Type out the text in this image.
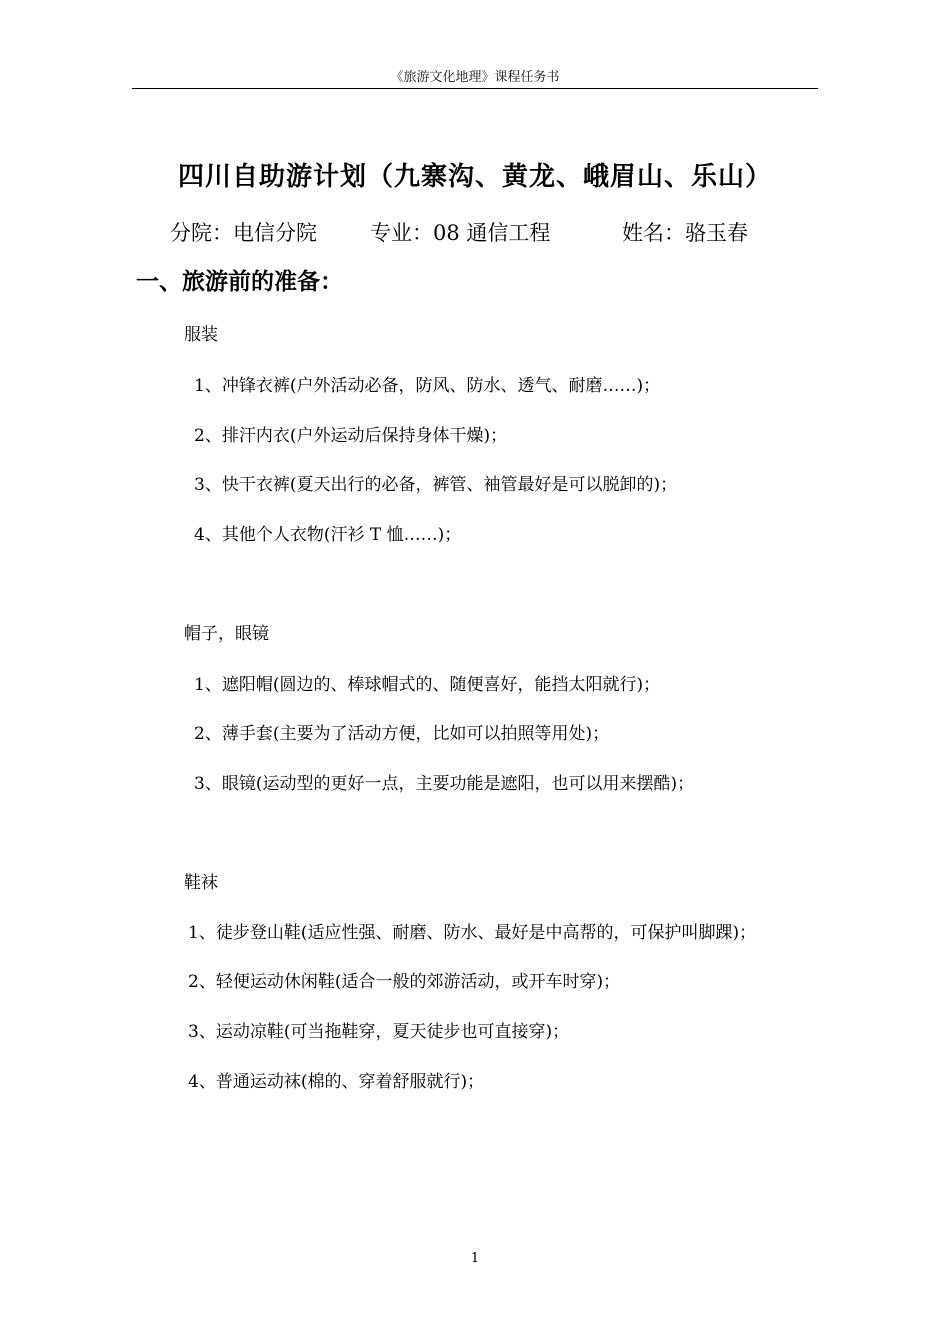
《旅游文化地理》课程任务书
四川自助游计划（九寨沟、黄龙、峨眉山、乐山）
分院：电信分院	专业：08 通信工程	姓名：骆玉春
一、旅游前的准备：
服装
1、冲锋衣裤(户外活动必备，防风、防水、透气、耐磨……)；
2、排汗内衣(户外运动后保持身体干燥)；
3、快干衣裤(夏天出行的必备，裤管、袖管最好是可以脱卸的)；
4、其他个人衣物(汗衫 T 恤……)；
帽子，眼镜
1、遮阳帽(圆边的、棒球帽式的、随便喜好，能挡太阳就行)；
2、薄手套(主要为了活动方便，比如可以拍照等用处)；
3、眼镜(运动型的更好一点，主要功能是遮阳，也可以用来摆酷)；
鞋袜
1、徒步登山鞋(适应性强、耐磨、防水、最好是中高帮的，可保护叫脚踝)；
2、轻便运动休闲鞋(适合一般的郊游活动，或开车时穿)；
3、运动凉鞋(可当拖鞋穿，夏天徒步也可直接穿)；
4、普通运动袜(棉的、穿着舒服就行)；
1
